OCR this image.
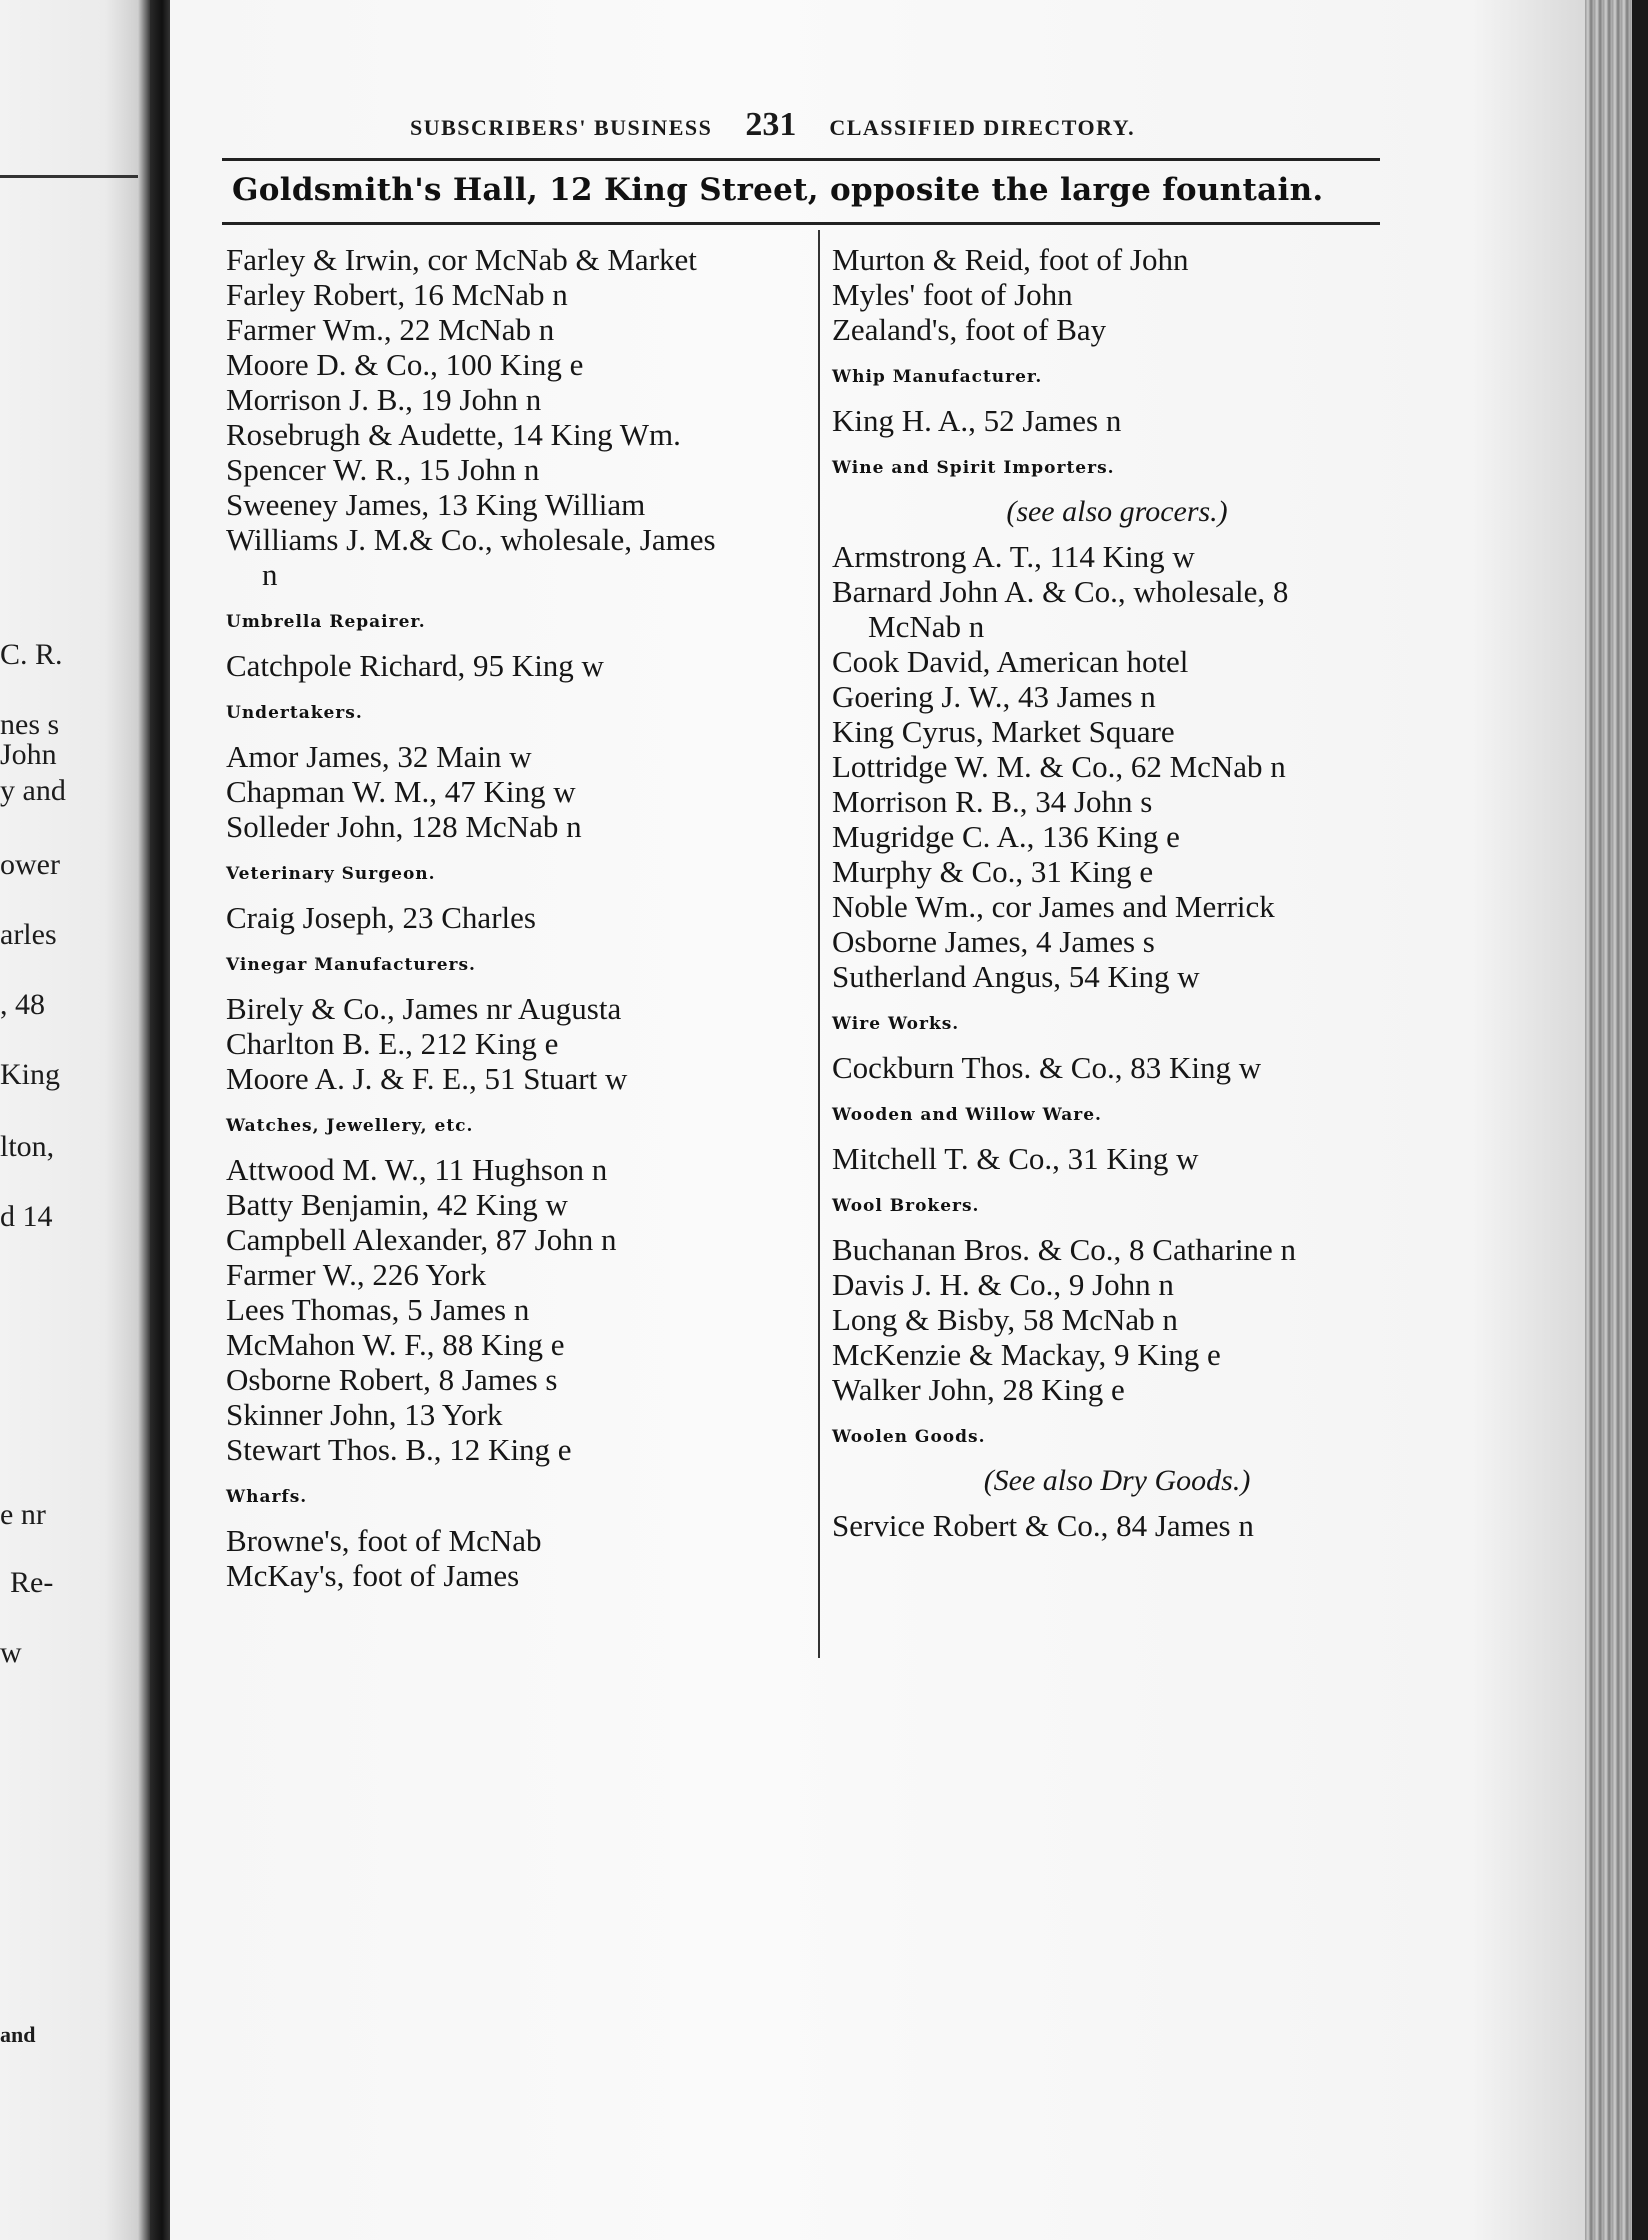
C. R.
nes s
John
y and
ower
arles
, 48
King
lton,
d 14
e nr
Re-
w
and
SUBSCRIBERS' BUSINESS 231 CLASSIFIED DIRECTORY.
Goldsmith's Hall, 12 King Street, opposite the large fountain.
Farley & Irwin, cor McNab & Market
Farley Robert, 16 McNab n
Farmer Wm., 22 McNab n
Moore D. & Co., 100 King e
Morrison J. B., 19 John n
Rosebrugh & Audette, 14 King Wm.
Spencer W. R., 15 John n
Sweeney James, 13 King William
Williams J. M.& Co., wholesale, James
n
Umbrella Repairer.
Catchpole Richard, 95 King w
Undertakers.
Amor James, 32 Main w
Chapman W. M., 47 King w
Solleder John, 128 McNab n
Veterinary Surgeon.
Craig Joseph, 23 Charles
Vinegar Manufacturers.
Birely & Co., James nr Augusta
Charlton B. E., 212 King e
Moore A. J. & F. E., 51 Stuart w
Watches, Jewellery, etc.
Attwood M. W., 11 Hughson n
Batty Benjamin, 42 King w
Campbell Alexander, 87 John n
Farmer W., 226 York
Lees Thomas, 5 James n
McMahon W. F., 88 King e
Osborne Robert, 8 James s
Skinner John, 13 York
Stewart Thos. B., 12 King e
Wharfs.
Browne's, foot of McNab
McKay's, foot of James
Murton & Reid, foot of John
Myles' foot of John
Zealand's, foot of Bay
Whip Manufacturer.
King H. A., 52 James n
Wine and Spirit Importers.
(see also grocers.)
Armstrong A. T., 114 King w
Barnard John A. & Co., wholesale, 8
McNab n
Cook David, American hotel
Goering J. W., 43 James n
King Cyrus, Market Square
Lottridge W. M. & Co., 62 McNab n
Morrison R. B., 34 John s
Mugridge C. A., 136 King e
Murphy & Co., 31 King e
Noble Wm., cor James and Merrick
Osborne James, 4 James s
Sutherland Angus, 54 King w
Wire Works.
Cockburn Thos. & Co., 83 King w
Wooden and Willow Ware.
Mitchell T. & Co., 31 King w
Wool Brokers.
Buchanan Bros. & Co., 8 Catharine n
Davis J. H. & Co., 9 John n
Long & Bisby, 58 McNab n
McKenzie & Mackay, 9 King e
Walker John, 28 King e
Woolen Goods.
(See also Dry Goods.)
Service Robert & Co., 84 James n
